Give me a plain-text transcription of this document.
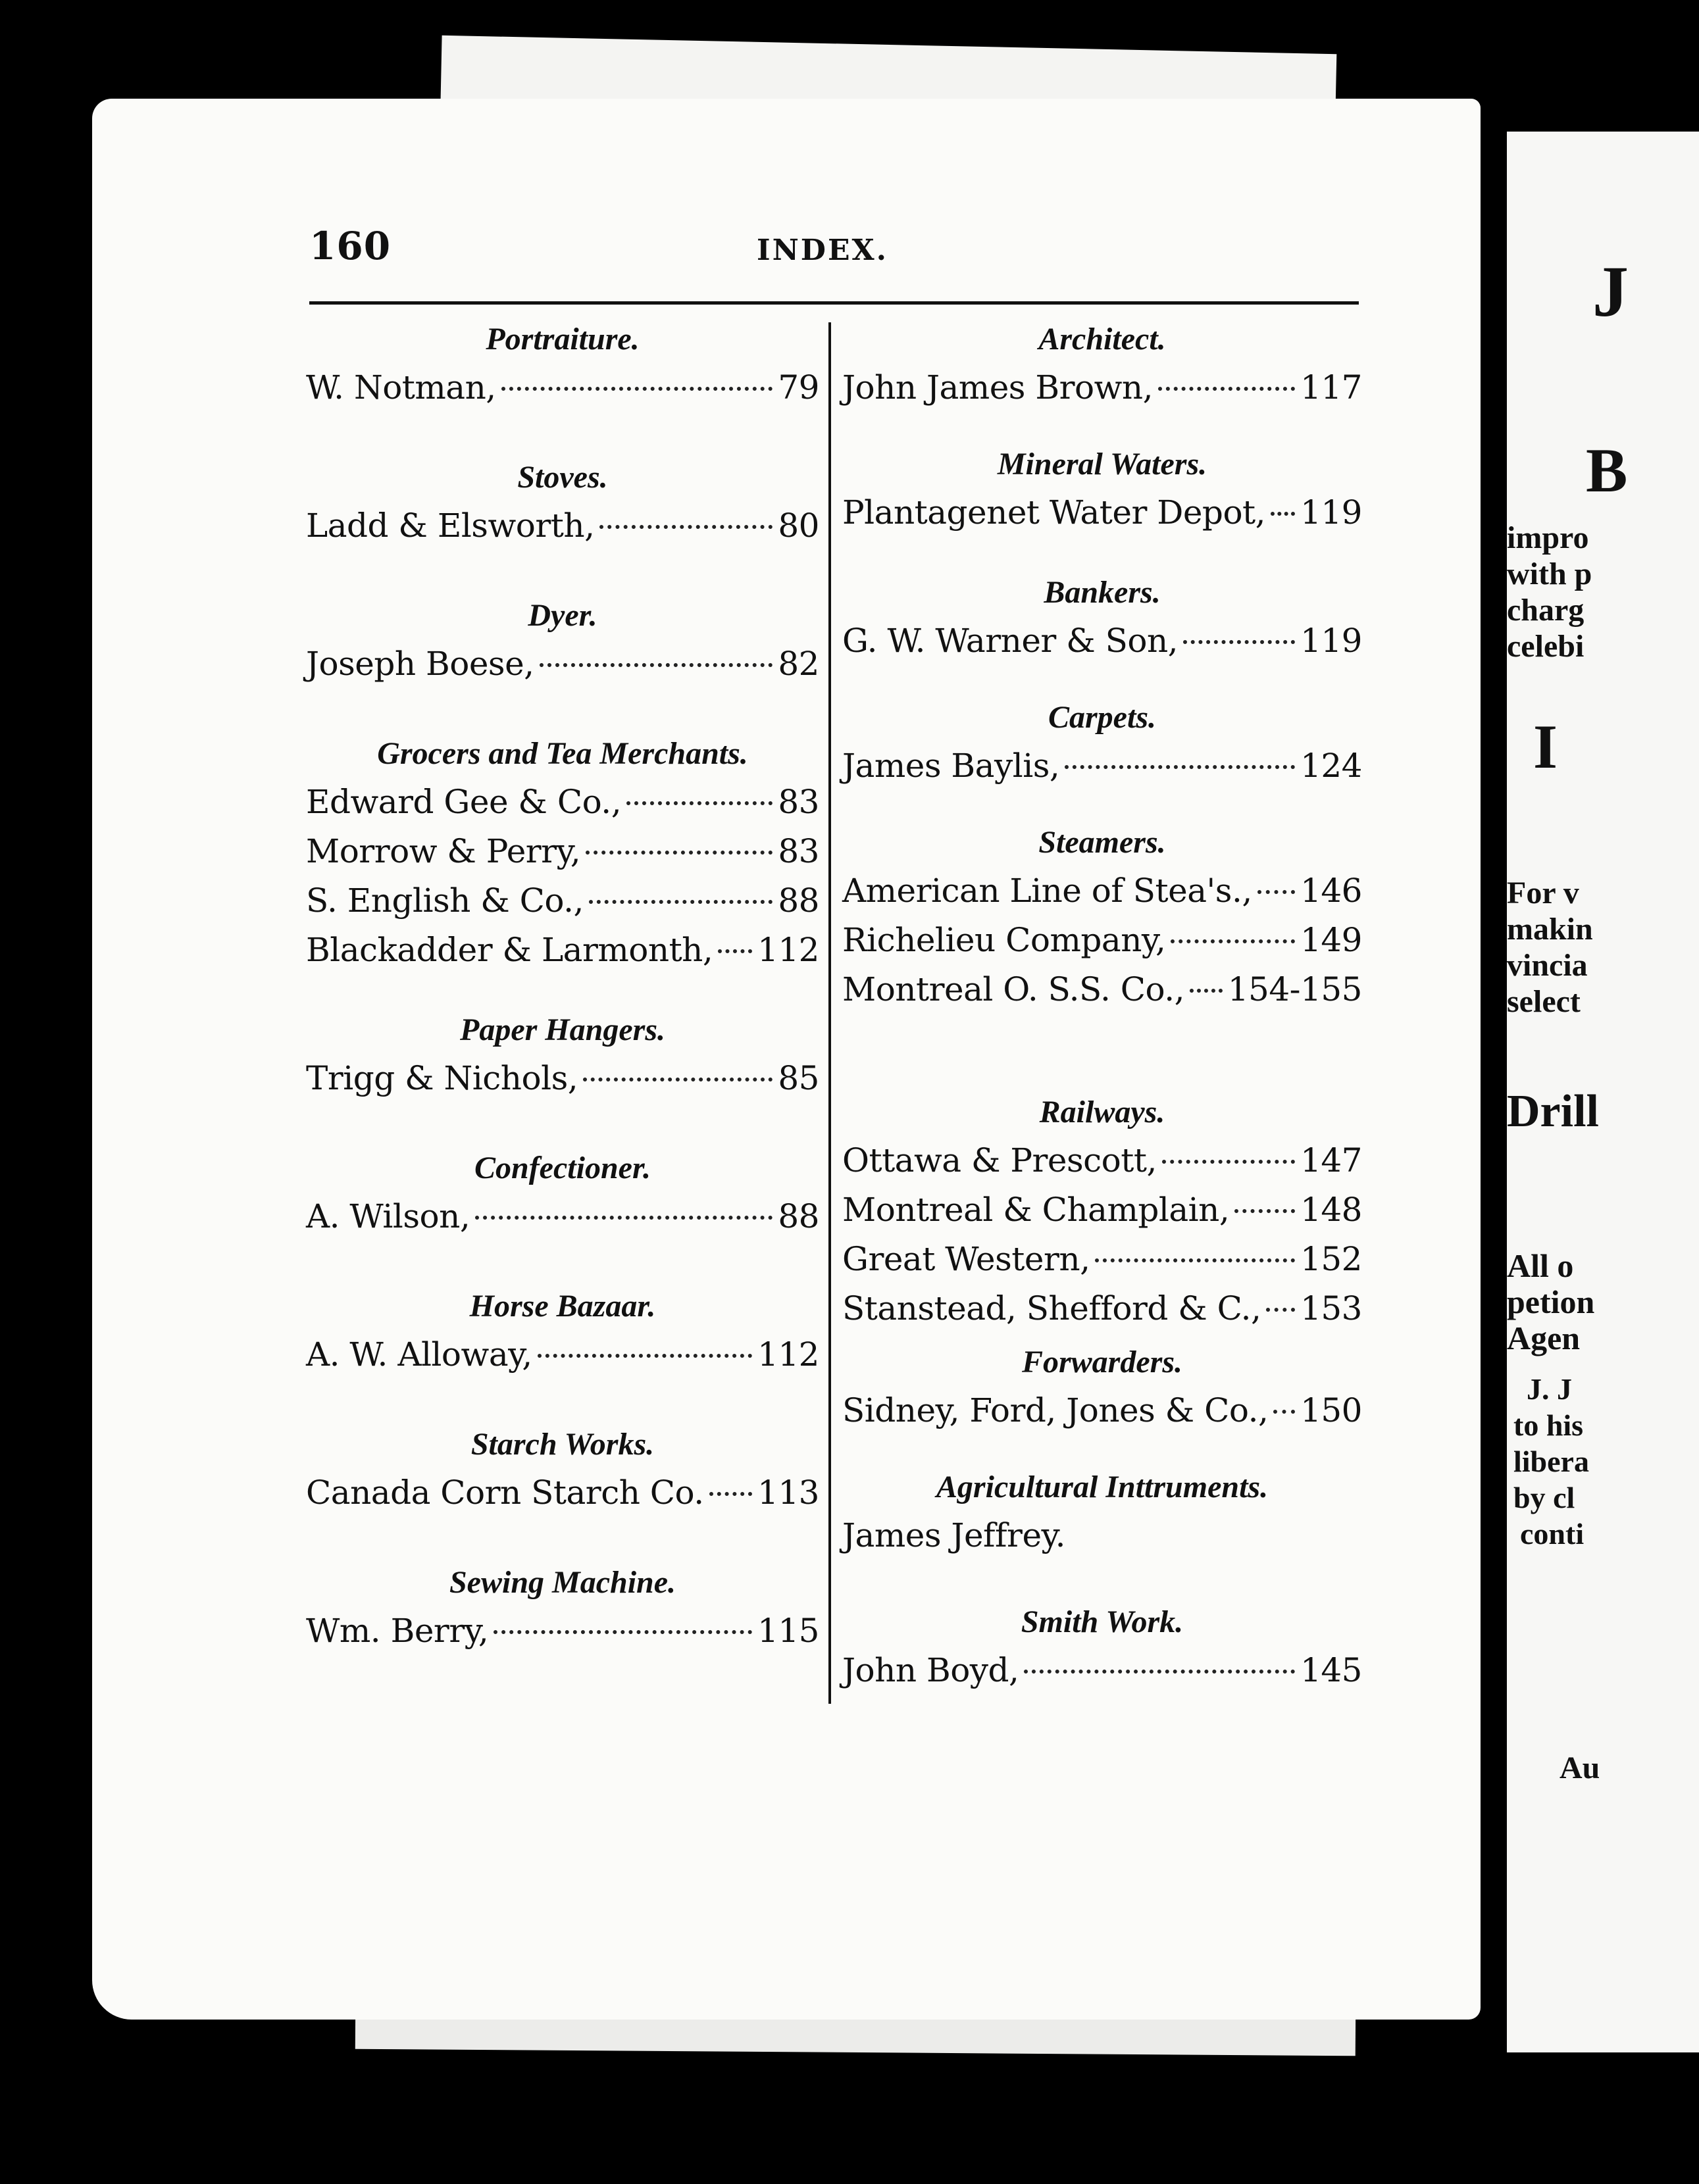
J
B
impro
with p
charg
celebi
I
For v
makin
vincia
select
Drill
All o
petion
Agen
J. J
to his
libera
by cl
conti
Au
160	INDEX.
Portraiture.
W. Notman,	79
Stoves.
Ladd & Elsworth,	80
Dyer.
Joseph Boese,	82
Grocers and Tea Merchants.
Edward Gee & Co.,	83
Morrow & Perry,	83
S. English & Co.,	88
Blackadder & Larmonth, 112
Paper Hangers.
Trigg & Nichols,	85
Confectioner.
A. Wilson,	88
Horse Bazaar.
A. W. Alloway,	112
Starch Works.
Canada Corn Starch Co. 113
Sewing Machine.
Wm. Berry,	115
Architect.
John James Brown,	117
Mineral Waters.
Plantagenet Water Depot, 119
Bankers.
G. W. Warner & Son,	119
Carpets.
James Baylis,	124
Steamers.
American Line of Stea's., 146
Richelieu Company,	149
Montreal O. S.S. Co., 154-155
Railways.
Ottawa & Prescott,	147
Montreal & Champlain, 148
Great Western,	152
Stanstead, Shefford & C., 153
Forwarders.
Sidney, Ford, Jones & Co., 150
Agricultural Inttruments.
James Jeffrey.
Smith Work.
John Boyd,	145
